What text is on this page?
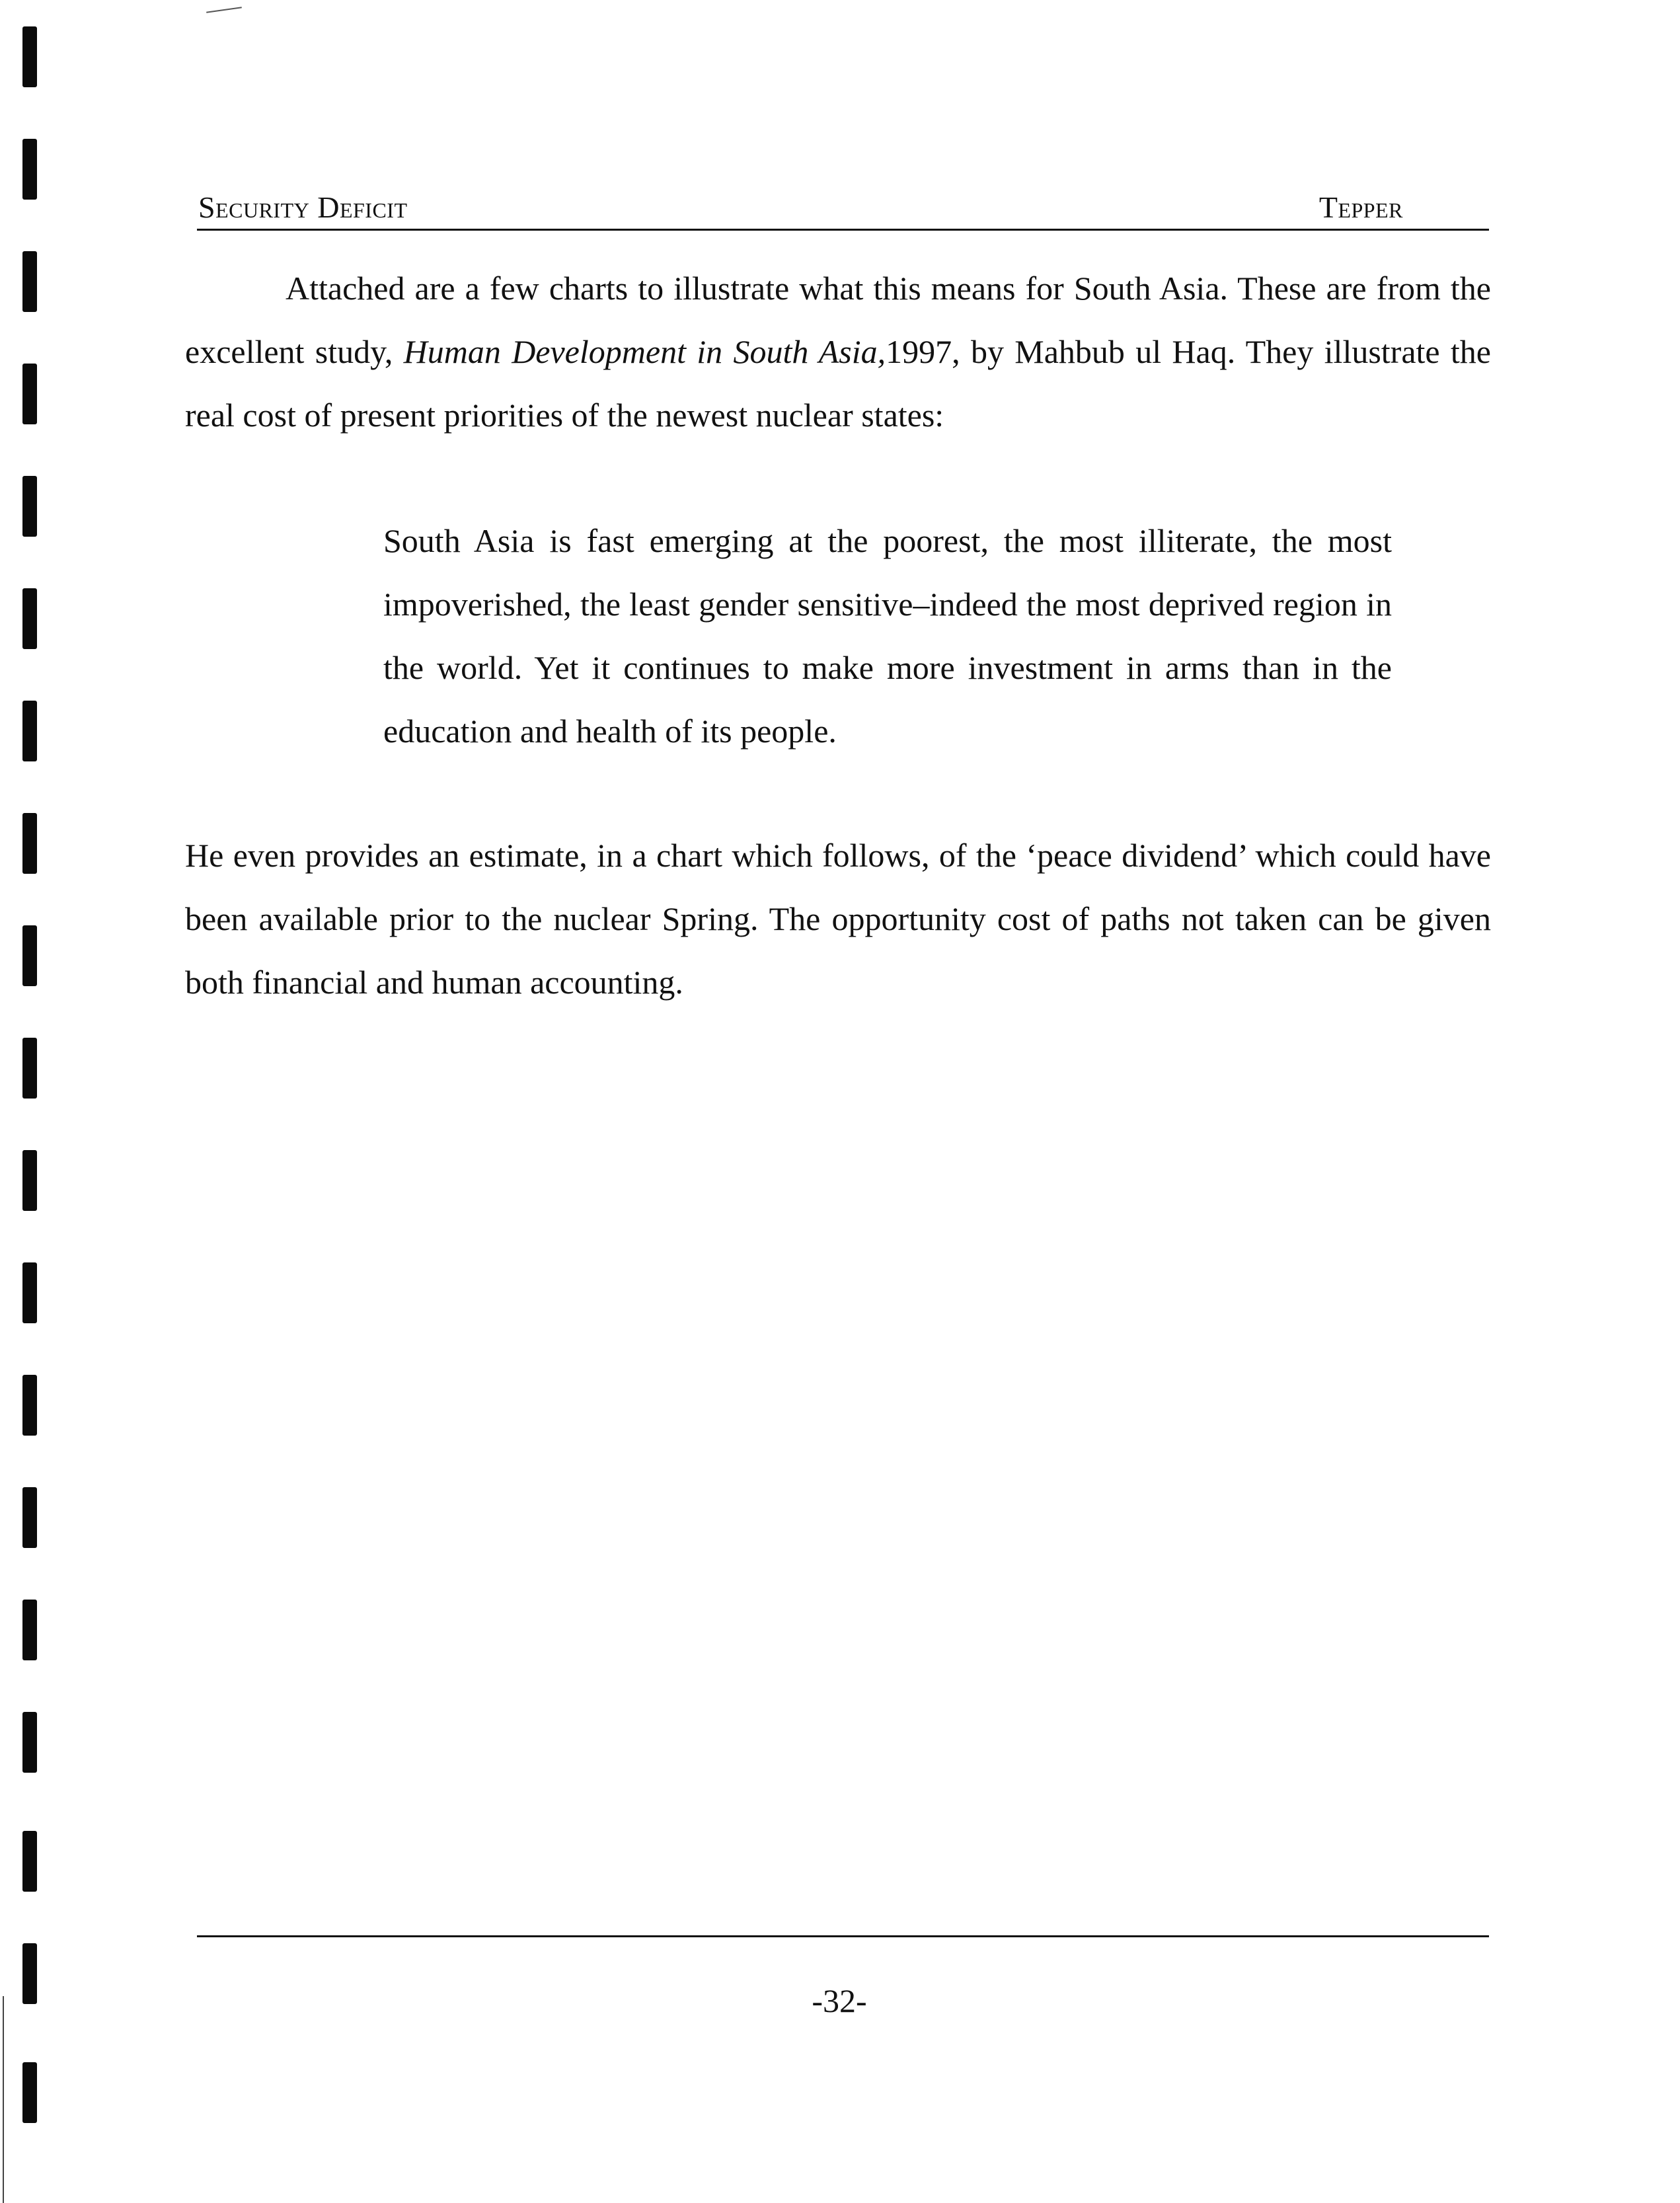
Security Deficit	Tepper

Attached are a few charts to illustrate what this means for South Asia. These are from the excellent study, Human Development in South Asia,1997, by Mahbub ul Haq. They illustrate the real cost of present priorities of the newest nuclear states:

South Asia is fast emerging at the poorest, the most illiterate, the most impoverished, the least gender sensitive–indeed the most deprived region in the world. Yet it continues to make more investment in arms than in the education and health of its people.

He even provides an estimate, in a chart which follows, of the ‘peace dividend’ which could have been available prior to the nuclear Spring. The opportunity cost of paths not taken can be given both financial and human accounting.

-32-
